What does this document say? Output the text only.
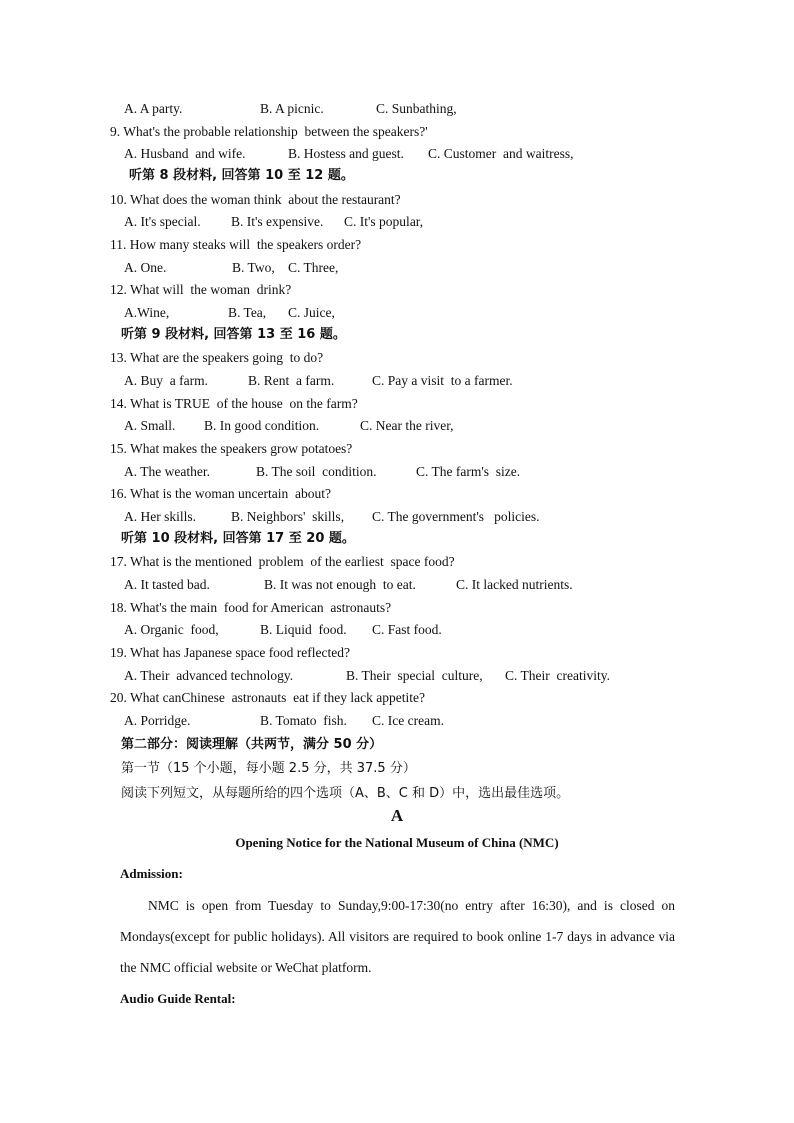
A. A party.	B. A picnic.	C. Sunbathing,
9. What's the probable relationship  between the speakers?'
A. Husband  and wife.	B. Hostess and guest. C. Customer  and waitress,
听第 8 段材料, 回答第 10 至 12 题。
10. What does the woman think  about the restaurant?
A. It's special. B. It's expensive. C. It's popular,
11. How many steaks will  the speakers order?
A. One.	B. Two, C. Three,
12. What will  the woman  drink?
A.Wine,	B. Tea, C. Juice,
听第 9 段材料, 回答第 13 至 16 题。
13. What are the speakers going  to do?
A. Buy  a farm.	B. Rent  a farm.	C. Pay a visit  to a farmer.
14. What is TRUE  of the house  on the farm?
A. Small. B. In good condition.	C. Near the river,
15. What makes the speakers grow potatoes?
A. The weather.	B. The soil  condition.	C. The farm's  size.
16. What is the woman uncertain  about?
A. Her skills.	B. Neighbors'  skills, C. The government's   policies.
听第 10 段材料, 回答第 17 至 20 题。
17. What is the mentioned  problem  of the earliest  space food?
A. It tasted bad.	B. It was not enough  to eat.	C. It lacked nutrients.
18. What's the main  food for American  astronauts?
A. Organic  food,	B. Liquid  food. C. Fast food.
19. What has Japanese space food reflected?
A. Their  advanced technology.	B. Their  special  culture, C. Their  creativity.
20. What canChinese  astronauts  eat if they lack appetite?
A. Porridge.	B. Tomato  fish. C. Ice cream.
第二部分：阅读理解（共两节，满分 50 分）
第一节（15 个小题，每小题 2.5 分，共 37.5 分）
阅读下列短文，从每题所给的四个选项（A、B、C 和 D）中，选出最佳选项。
A
Opening Notice for the National Museum of China (NMC)
Admission:
NMC is open from Tuesday to Sunday,9:00-17:30(no entry after 16:30), and is closed on Mondays(except for public holidays). All visitors are required to book online 1-7 days in advance via the NMC official website or WeChat platform.
Audio Guide Rental:
